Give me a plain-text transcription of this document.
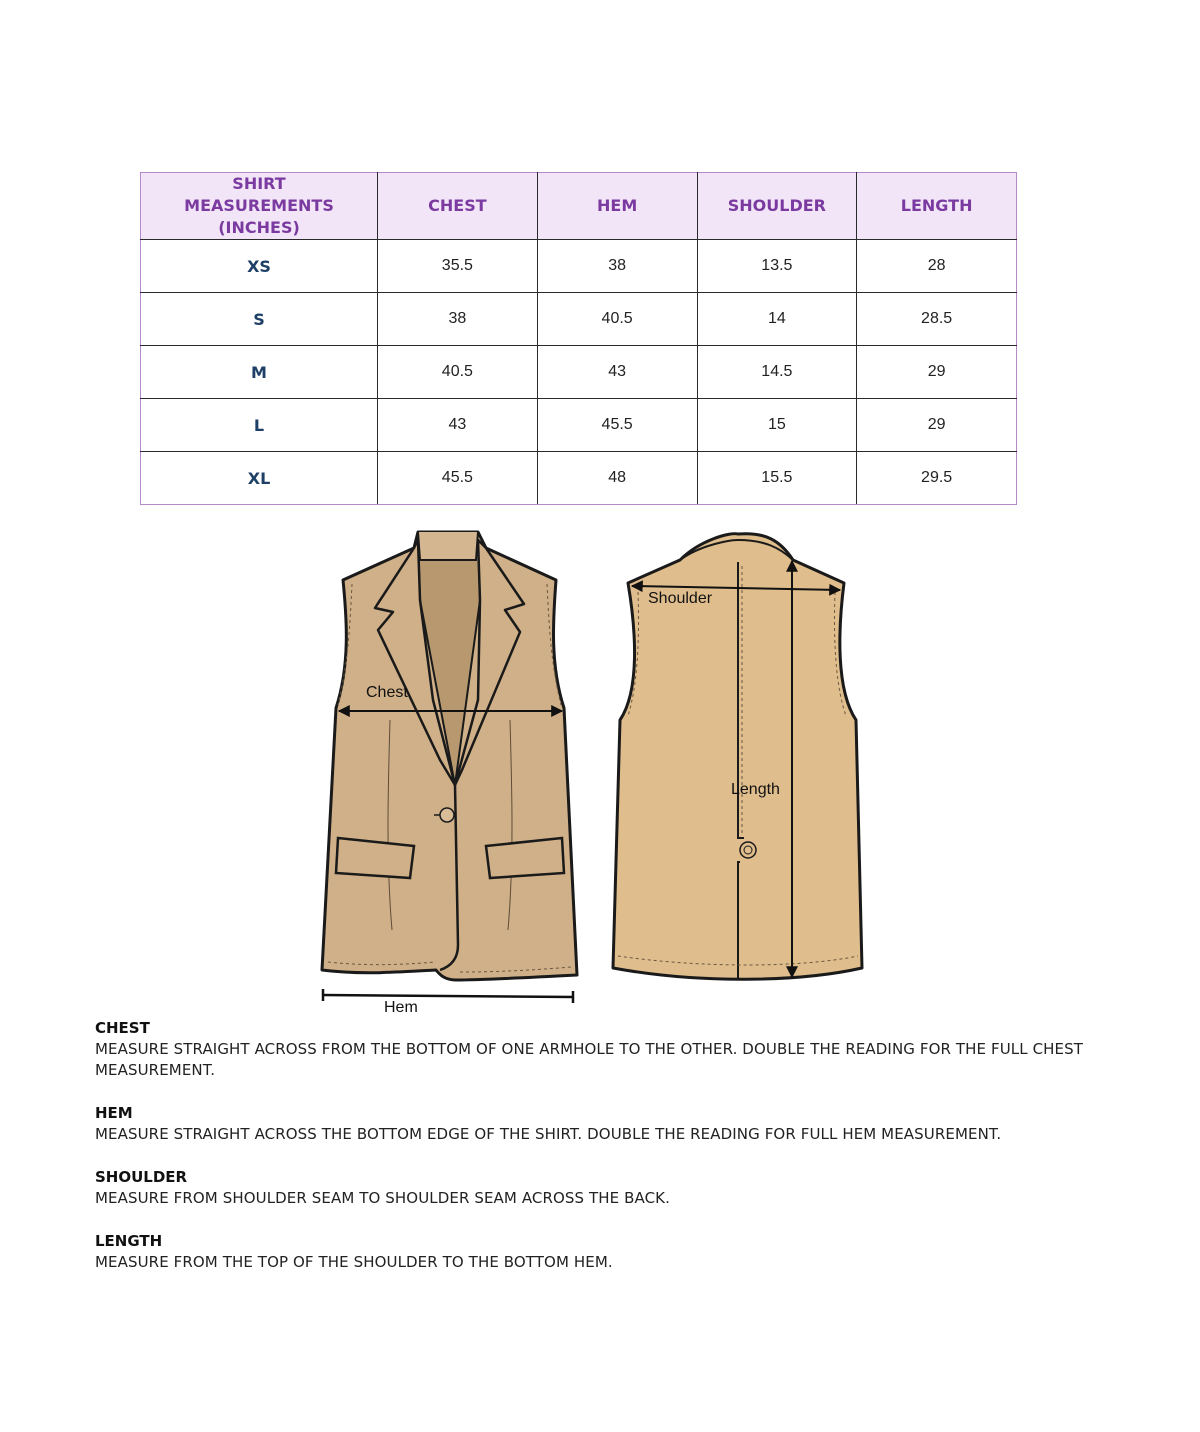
SHIRT MEASUREMENTS (INCHES)	CHEST	HEM	SHOULDER	LENGTH
XS	35.5	38	13.5	28
S	38	40.5	14	28.5
M	40.5	43	14.5	29
L	43	45.5	15	29
XL	45.5	48	15.5	29.5
Chest
Hem
Shoulder
Length

CHEST

MEASURE STRAIGHT ACROSS FROM THE BOTTOM OF ONE ARMHOLE TO THE OTHER. DOUBLE THE READING FOR THE FULL CHEST MEASUREMENT.

HEM

MEASURE STRAIGHT ACROSS THE BOTTOM EDGE OF THE SHIRT. DOUBLE THE READING FOR FULL HEM MEASUREMENT.

SHOULDER

MEASURE FROM SHOULDER SEAM TO SHOULDER SEAM ACROSS THE BACK.

LENGTH

MEASURE FROM THE TOP OF THE SHOULDER TO THE BOTTOM HEM.
